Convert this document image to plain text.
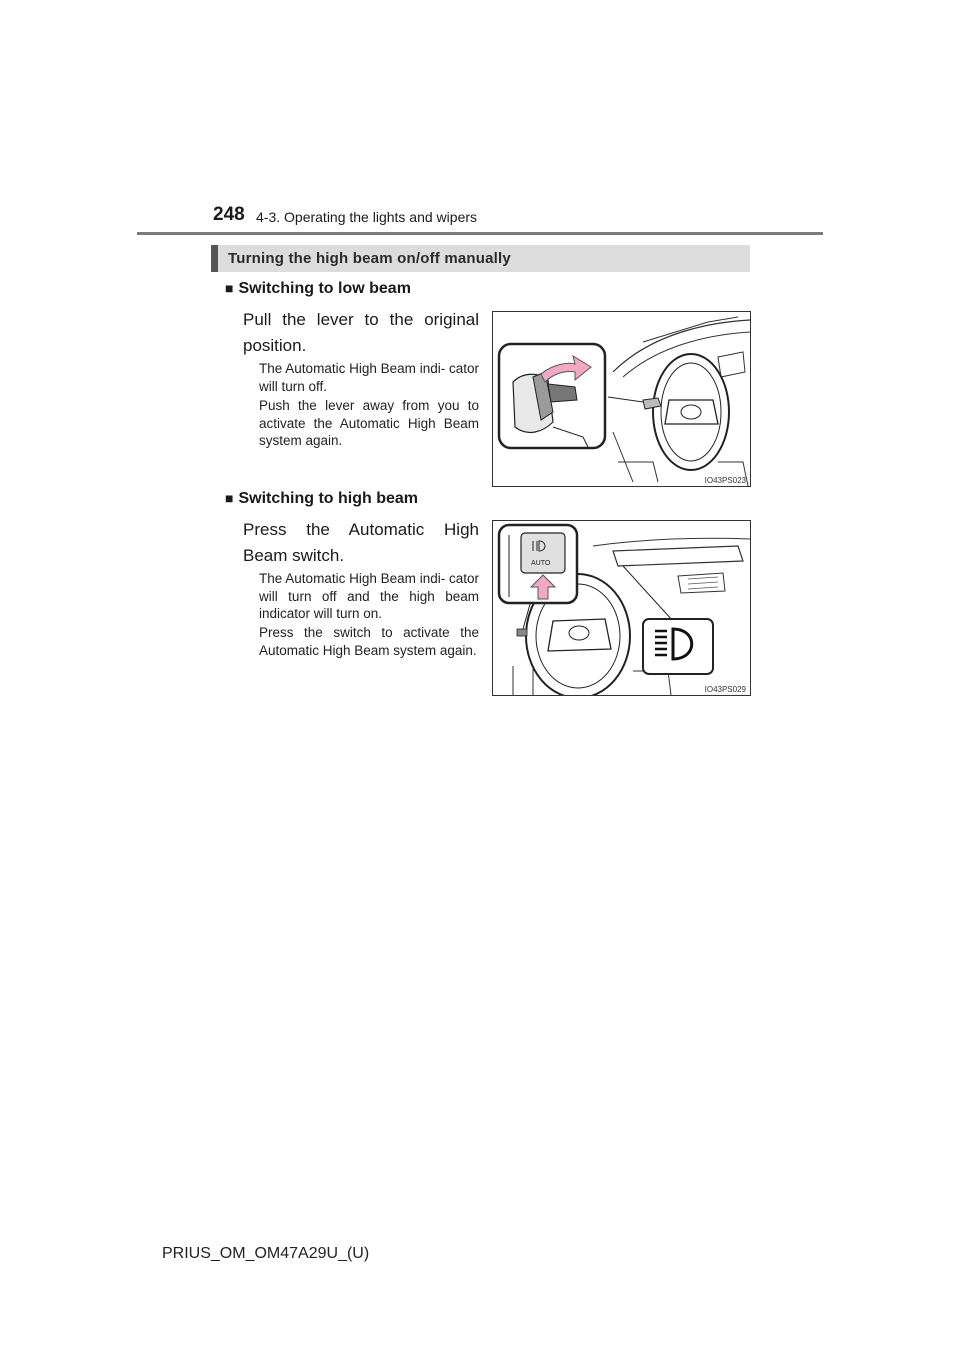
248 4-3. Operating the lights and wipers
Turning the high beam on/off manually
■ Switching to low beam
Pull the lever to the original position.
The Automatic High Beam indi- cator will turn off.
Push the lever away from you to activate the Automatic High Beam system again.
IO43PS023
■ Switching to high beam
Press the Automatic High Beam switch.
The Automatic High Beam indi- cator will turn off and the high beam indicator will turn on.
Press the switch to activate the Automatic High Beam system again.
AUTO
IO43PS029
PRIUS_OM_OM47A29U_(U)
